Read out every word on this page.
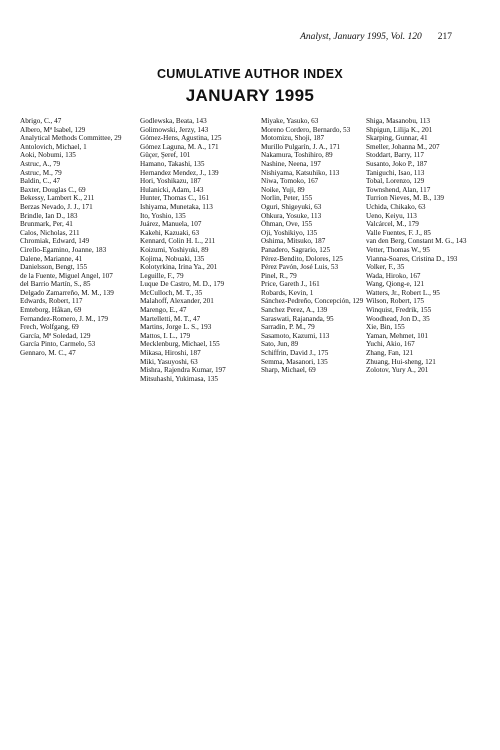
Analyst, January 1995, Vol. 120 217
CUMULATIVE AUTHOR INDEX
JANUARY 1995
Abrigo, C., 47
Albero, Mª Isabel, 129
Analytical Methods Committee, 29
Antolovich, Michael, 1
Aoki, Nobumi, 135
Astruc, A., 79
Astruc, M., 79
Baldin, C., 47
Baxter, Douglas C., 69
Bekessy, Lambert K., 211
Berzas Nevado, J. J., 171
Brindle, Ian D., 183
Brunmark, Per, 41
Calos, Nicholas, 211
Chromiak, Edward, 149
Cirello-Egamino, Joanne, 183
Dalene, Marianne, 41
Danielsson, Bengt, 155
de la Fuente, Miguel Angel, 107
del Barrio Martín, S., 85
Delgado Zamarreño, M. M., 139
Edwards, Robert, 117
Emteborg, Håkan, 69
Fernandez-Romero, J. M., 179
Frech, Wolfgang, 69
García, Mª Soledad, 129
García Pinto, Carmelo, 53
Gennaro, M. C., 47
Godlewska, Beata, 143
Golimowski, Jerzy, 143
Gómez-Hens, Agustina, 125
Gómez Laguna, M. A., 171
Güçer, Şeref, 101
Hamano, Takashi, 135
Hernandez Mendez, J., 139
Hori, Yoshikazu, 187
Hulanicki, Adam, 143
Hunter, Thomas C., 161
Ishiyama, Munetaka, 113
Ito, Yoshio, 135
Juárez, Manuela, 107
Kakehi, Kazuaki, 63
Kennard, Colin H. L., 211
Koizumi, Yoshiyuki, 89
Kojima, Nobuaki, 135
Kolotyrkina, Irina Ya., 201
Leguille, F., 79
Luque De Castro, M. D., 179
McCulloch, M. T., 35
Malahoff, Alexander, 201
Marengo, E., 47
Martelletti, M. T., 47
Martins, Jorge L. S., 193
Mattos, I. L., 179
Mecklenburg, Michael, 155
Mikasa, Hiroshi, 187
Miki, Yasuyoshi, 63
Mishra, Rajendra Kumar, 197
Mitsuhashi, Yukimasa, 135
Miyake, Yasuko, 63
Moreno Cordero, Bernardo, 53
Motomizu, Shoji, 187
Murillo Pulgarín, J. A., 171
Nakamura, Toshihiro, 89
Nashine, Neena, 197
Nishiyama, Katsuhiko, 113
Niwa, Tomoko, 167
Noike, Yuji, 89
Norlin, Peter, 155
Oguri, Shigeyuki, 63
Ohkura, Yosuke, 113
Öhman, Ove, 155
Oji, Yoshikiyo, 135
Oshima, Mitsuko, 187
Panadero, Sagrario, 125
Pérez-Bendito, Dolores, 125
Pérez Pavón, José Luis, 53
Pinel, R., 79
Price, Gareth J., 161
Robards, Kevin, 1
Sánchez-Pedreño, Concepción, 129
Sanchez Perez, A., 139
Saraswati, Rajananda, 95
Sarradin, P. M., 79
Sasamoto, Kazumi, 113
Sato, Jun, 89
Schiffrin, David J., 175
Semma, Masanori, 135
Sharp, Michael, 69
Shiga, Masanobu, 113
Shpigun, Lilija K., 201
Skarping, Gunnar, 41
Smeller, Johanna M., 207
Stoddart, Barry, 117
Susanto, Joko P., 187
Taniguchi, Isao, 113
Tobal, Lorenzo, 129
Townshend, Alan, 117
Turrion Nieves, M. B., 139
Uchida, Chikako, 63
Ueno, Keiyu, 113
Valcárcel, M., 179
Valle Fuentes, F. J., 85
van den Berg, Constant M. G., 143
Vetter, Thomas W., 95
Vianna-Soares, Cristina D., 193
Volker, F., 35
Wada, Hiroko, 167
Wang, Qiong-e, 121
Watters, Jr., Robert L., 95
Wilson, Robert, 175
Winquist, Fredrik, 155
Woodhead, Jon D., 35
Xie, Bin, 155
Yaman, Mehmet, 101
Yuchi, Akio, 167
Zhang, Fan, 121
Zhuang, Hui-sheng, 121
Zolotov, Yury A., 201
